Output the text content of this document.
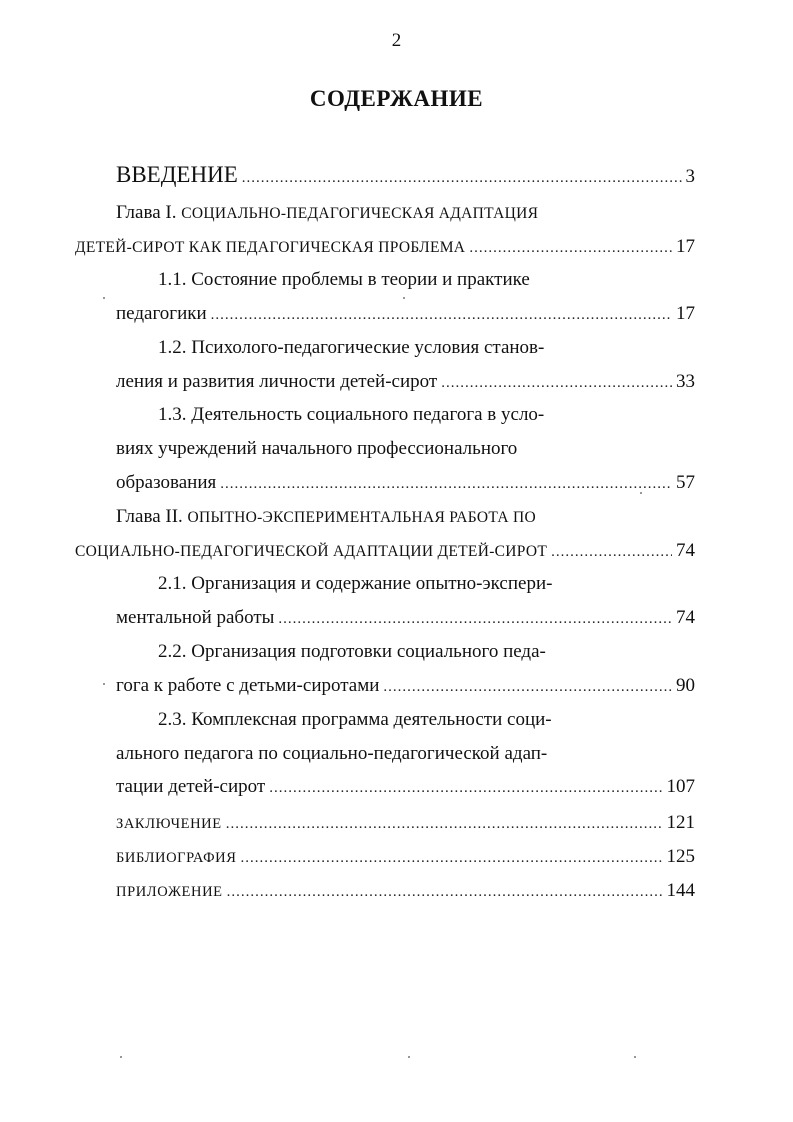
2
СОДЕРЖАНИЕ
ВВЕДЕНИЕ .....	3
Глава I. СОЦИАЛЬНО-ПЕДАГОГИЧЕСКАЯ АДАПТАЦИЯ
ДЕТЕЙ-СИРОТ КАК ПЕДАГОГИЧЕСКАЯ ПРОБЛЕМА .....	17
1.1. Состояние проблемы в теории и практике
педагогики .....	17
1.2. Психолого-педагогические условия станов-
ления и развития личности детей-сирот .....	33
1.3. Деятельность социального педагога в усло-
виях учреждений начального профессионального
образования .....	57
Глава II. ОПЫТНО-ЭКСПЕРИМЕНТАЛЬНАЯ РАБОТА ПО
СОЦИАЛЬНО-ПЕДАГОГИЧЕСКОЙ АДАПТАЦИИ ДЕТЕЙ-СИРОТ .....	74
2.1. Организация и содержание опытно-экспери-
ментальной работы .....	74
2.2. Организация подготовки социального педа-
гога к работе с детьми-сиротами .....	90
2.3. Комплексная программа деятельности соци-
ального педагога по социально-педагогической адап-
тации детей-сирот .....	107
ЗАКЛЮЧЕНИЕ .....	121
БИБЛИОГРАФИЯ .....	125
ПРИЛОЖЕНИЕ .....	144
